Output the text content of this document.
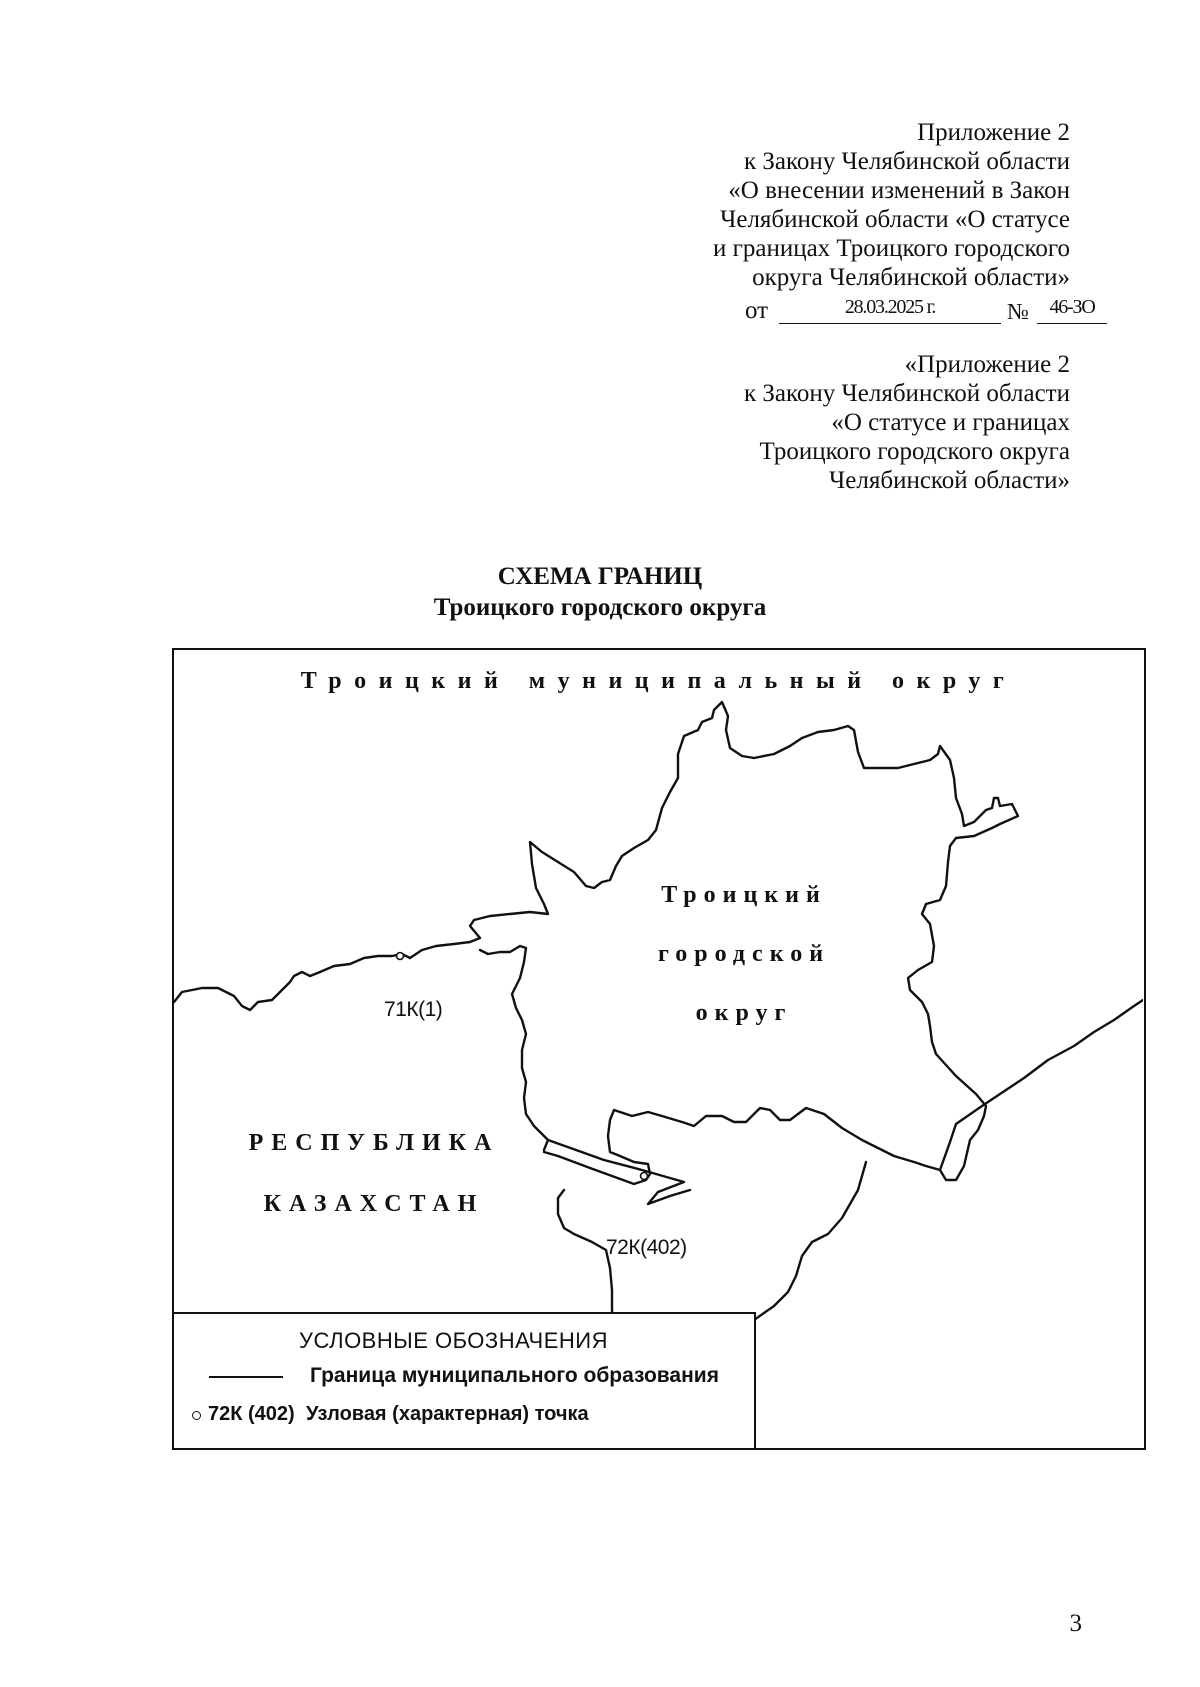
Приложение 2
к Закону Челябинской области
«О внесении изменений в Закон
Челябинской области «О статусе
и границах Троицкого городского
округа Челябинской области»
от	28.03.2025 г.	№	46-ЗО
«Приложение 2
к Закону Челябинской области
«О статусе и границах
Троицкого городского округа
Челябинской области»
СХЕМА ГРАНИЦ
Троицкого городского округа
Троицкий муниципальный округ
Троицкий
городской
округ
РЕСПУБЛИКА
КАЗАХСТАН
71К(1)
72К(402)
УСЛОВНЫЕ ОБОЗНАЧЕНИЯ
Граница муниципального образования
72К (402) Узловая (характерная) точка
3
